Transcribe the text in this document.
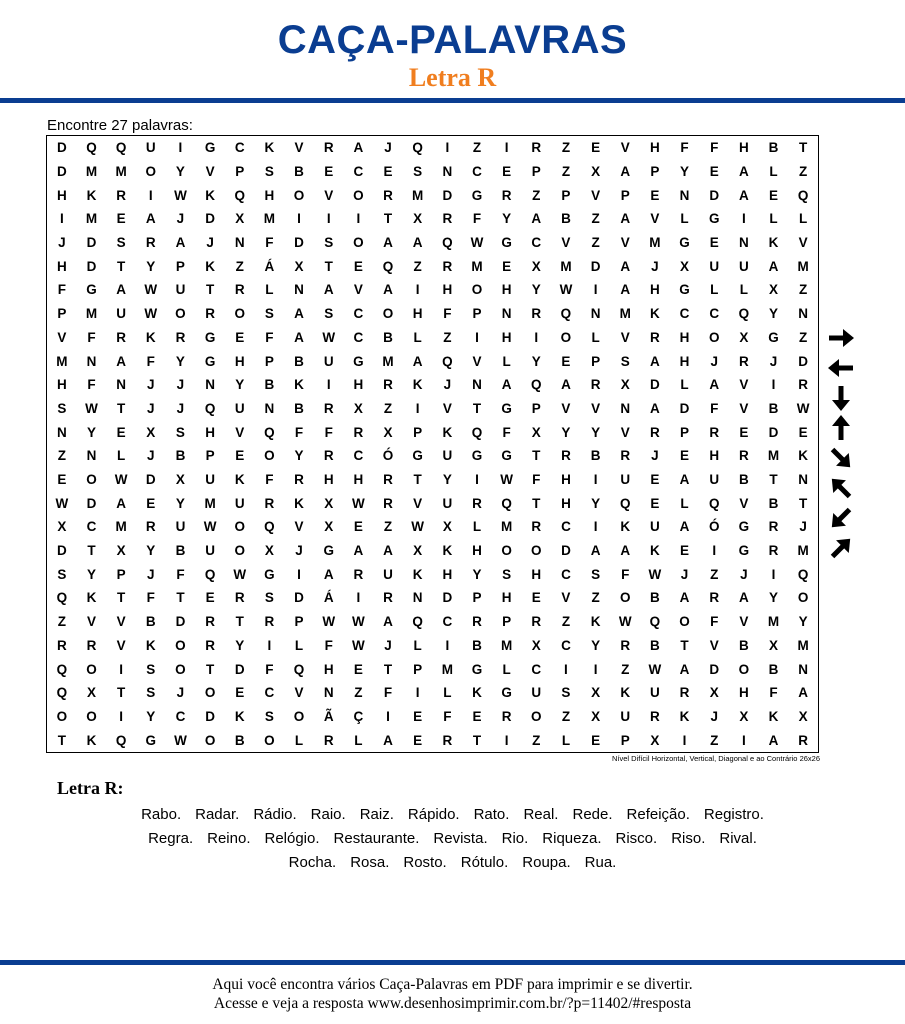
CAÇA-PALAVRAS
Letra R
Encontre 27 palavras:
D	Q	Q	U	I	G	C	K	V	R	A	J	Q	I	Z	I	R	Z	E	V	H	F	F	H	B	T
D	M	M	O	Y	V	P	S	B	E	C	E	S	N	C	E	P	Z	X	A	P	Y	E	A	L	Z
H	K	R	I	W	K	Q	H	O	V	O	R	M	D	G	R	Z	P	V	P	E	N	D	A	E	Q
I	M	E	A	J	D	X	M	I	I	I	T	X	R	F	Y	A	B	Z	A	V	L	G	I	L	L
J	D	S	R	A	J	N	F	D	S	O	A	A	Q	W	G	C	V	Z	V	M	G	E	N	K	V
H	D	T	Y	P	K	Z	Á	X	T	E	Q	Z	R	M	E	X	M	D	A	J	X	U	U	A	M
F	G	A	W	U	T	R	L	N	A	V	A	I	H	O	H	Y	W	I	A	H	G	L	L	X	Z
P	M	U	W	O	R	O	S	A	S	C	O	H	F	P	N	R	Q	N	M	K	C	C	Q	Y	N
V	F	R	K	R	G	E	F	A	W	C	B	L	Z	I	H	I	O	L	V	R	H	O	X	G	Z
M	N	A	F	Y	G	H	P	B	U	G	M	A	Q	V	L	Y	E	P	S	A	H	J	R	J	D
H	F	N	J	J	N	Y	B	K	I	H	R	K	J	N	A	Q	A	R	X	D	L	A	V	I	R
S	W	T	J	J	Q	U	N	B	R	X	Z	I	V	T	G	P	V	V	N	A	D	F	V	B	W
N	Y	E	X	S	H	V	Q	F	F	R	X	P	K	Q	F	X	Y	Y	V	R	P	R	E	D	E
Z	N	L	J	B	P	E	O	Y	R	C	Ó	G	U	G	G	T	R	B	R	J	E	H	R	M	K
E	O	W	D	X	U	K	F	R	H	H	R	T	Y	I	W	F	H	I	U	E	A	U	B	T	N
W	D	A	E	Y	M	U	R	K	X	W	R	V	U	R	Q	T	H	Y	Q	E	L	Q	V	B	T
X	C	M	R	U	W	O	Q	V	X	E	Z	W	X	L	M	R	C	I	K	U	A	Ó	G	R	J
D	T	X	Y	B	U	O	X	J	G	A	A	X	K	H	O	O	D	A	A	K	E	I	G	R	M
S	Y	P	J	F	Q	W	G	I	A	R	U	K	H	Y	S	H	C	S	F	W	J	Z	J	I	Q
Q	K	T	F	T	E	R	S	D	Á	I	R	N	D	P	H	E	V	Z	O	B	A	R	A	Y	O
Z	V	V	B	D	R	T	R	P	W	W	A	Q	C	R	P	R	Z	K	W	Q	O	F	V	M	Y
R	R	V	K	O	R	Y	I	L	F	W	J	L	I	B	M	X	C	Y	R	B	T	V	B	X	M
Q	O	I	S	O	T	D	F	Q	H	E	T	P	M	G	L	C	I	I	Z	W	A	D	O	B	N
Q	X	T	S	J	O	E	C	V	N	Z	F	I	L	K	G	U	S	X	K	U	R	X	H	F	A
O	O	I	Y	C	D	K	S	O	Ã	Ç	I	E	F	E	R	O	Z	X	U	R	K	J	X	K	X
T	K	Q	G	W	O	B	O	L	R	L	A	E	R	T	I	Z	L	E	P	X	I	Z	I	A	R
Nível Difícil Horizontal, Vertical, Diagonal e ao Contrário 26x26
Letra R:
Rabo. Radar. Rádio. Raio. Raiz. Rápido. Rato. Real. Rede. Refeição. Registro.
Regra. Reino. Relógio. Restaurante. Revista. Rio. Riqueza. Risco. Riso. Rival.
Rocha. Rosa. Rosto. Rótulo. Roupa. Rua.
Aqui você encontra vários Caça-Palavras em PDF para imprimir e se divertir.
Acesse e veja a resposta www.desenhosimprimir.com.br/?p=11402/#resposta
